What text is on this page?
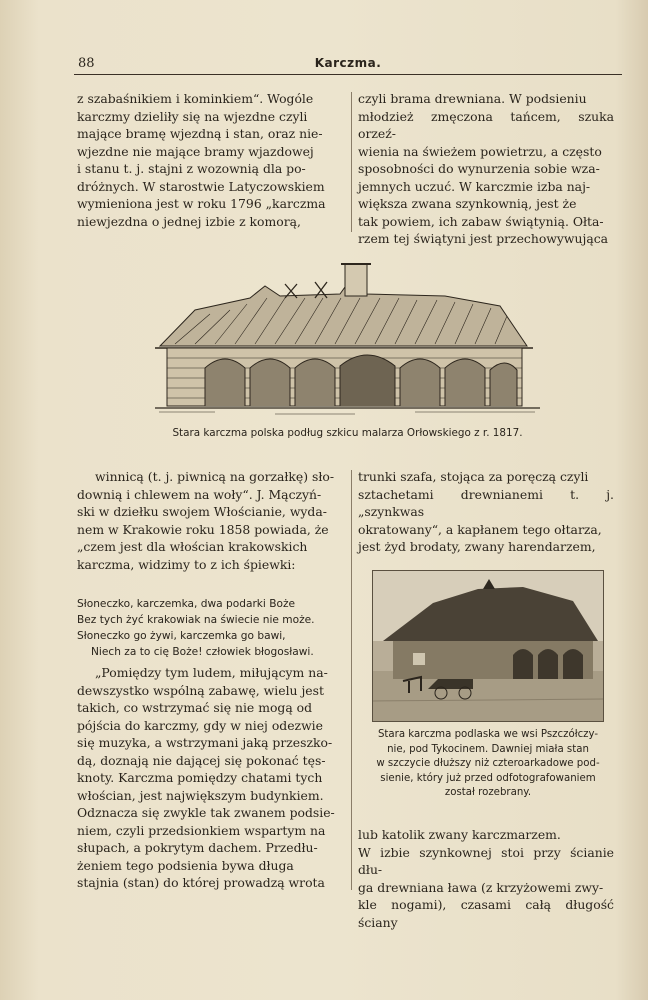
88	Karczma.

z szabaśnikiem i kominkiem“. Wogóle

karczmy dzieliły się na wjezdne czyli

mające bramę wjezdną i stan, oraz nie-

wjezdne nie mające bramy wjazdowej

i stanu t. j. stajni z wozownią dla po-

dróżnych. W starostwie Latyczowskiem

wymieniona jest w roku 1796 „karczma

niewjezdna o jednej izbie z komorą,

czyli brama drewniana. W podsieniu

młodzież zmęczona tańcem, szuka orzeź-

wienia na świeżem powietrzu, a często

sposobności do wynurzenia sobie wza-

jemnych uczuć. W karczmie izba naj-

większa zwana szynkownią, jest że

tak powiem, ich zabaw świątynią. Ołta-

rzem tej świątyni jest przechowywująca

Stara karczma polska podług szkicu malarza Orłowskiego z r. 1817.

winnicą (t. j. piwnicą na gorzałkę) sło-

downią i chlewem na woły“. J. Mączyń-

ski w dziełku swojem Włościanie, wyda-

nem w Krakowie roku 1858 powiada, że

„czem jest dla włościan krakowskich

karczma, widzimy to z ich śpiewki:

Słoneczko, karczemka, dwa podarki Boże
Bez tych żyć krakowiak na świecie nie może.
Słoneczko go żywi, karczemka go bawi,
Niech za to cię Boże! człowiek błogosławi.

„Pomiędzy tym ludem, miłującym na-

dewszystko wspólną zabawę, wielu jest

takich, co wstrzymać się nie mogą od

pójścia do karczmy, gdy w niej odezwie

się muzyka, a wstrzymani jaką przeszko-

dą, doznają nie dającej się pokonać tęs-

knoty. Karczma pomiędzy chatami tych

włościan, jest największym budynkiem.

Odznacza się zwykle tak zwanem podsie-

niem, czyli przedsionkiem wspartym na

słupach, a pokrytym dachem. Przedłu-

żeniem tego podsienia bywa długa

stajnia (stan) do której prowadzą wrota

trunki szafa, stojąca za poręczą czyli

sztachetami drewnianemi t. j. „szynkwas

okratowany“, a kapłanem tego ołtarza,

jest żyd brodaty, zwany harendarzem,

Stara karczma podlaska we wsi Pszczółczy-
nie, pod Tykocinem. Dawniej miała stan
w szczycie dłuższy niż czteroarkadowe pod-
sienie, który już przed odfotografowaniem
został rozebrany.

lub katolik zwany karczmarzem.

W izbie szynkownej stoi przy ścianie dłu-

ga drewniana ława (z krzyżowemi zwy-

kle nogami), czasami całą długość ściany
